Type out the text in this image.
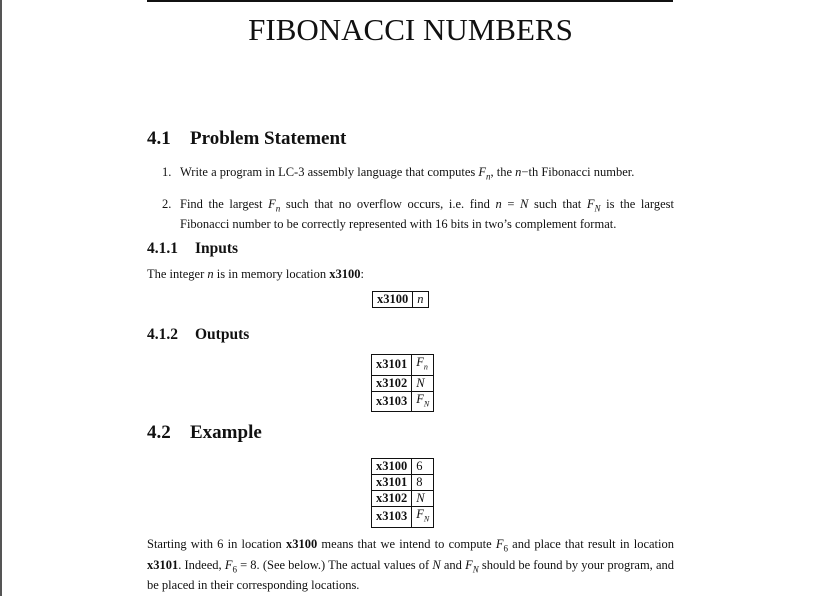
FIBONACCI NUMBERS
4.1 Problem Statement
1. Write a program in LC-3 assembly language that computes $F_n$, the n−th Fibonacci number.
2. Find the largest $F_n$ such that no overflow occurs, i.e. find n = N such that $F_N$ is the largest Fibonacci number to be correctly represented with 16 bits in two’s complement format.
4.1.1 Inputs
The integer n is in memory location x3100:
x3100	n
4.1.2 Outputs
x3101	$F_n$
x3102	N
x3103	$F_N$
4.2 Example
x3100	6
x3101	8
x3102	N
x3103	$F_N$
Starting with 6 in location x3100 means that we intend to compute $F_6$ and place that result in location x3101. Indeed, $F_6 = 8$. (See below.) The actual values of N and $F_N$ should be found by your program, and be placed in their corresponding locations.
